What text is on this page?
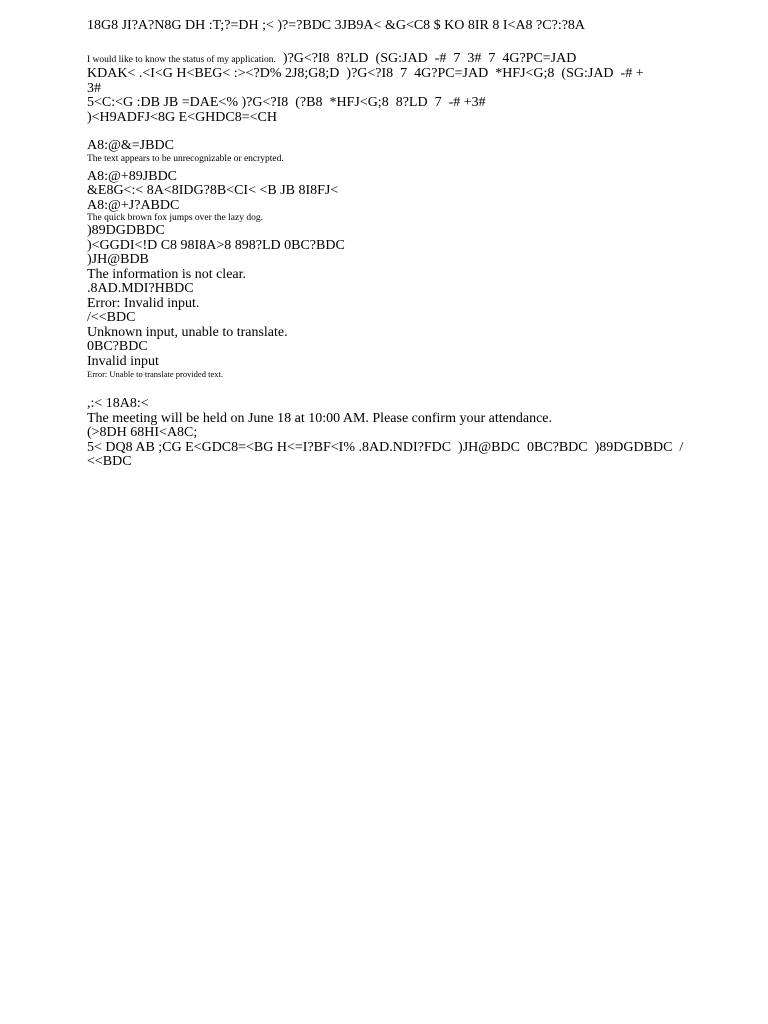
18G8 JI?A?N8G DH :T;?=DH ;< )?=?BDC 3JB9A< &G<C8 $ KO 8IR 8 I<A8 ?C?:?8A
I would like to know the status of my application.  )?G<?I8  8?LD  (SG:JAD  -#  7  3#  7  4G?PC=JAD
KDAK< .<I<G H<BEG< :><?D% 2J8;G8;D  )?G<?I8  7  4G?PC=JAD  *HFJ<G;8  (SG:JAD  -# +
3#
5<C:<G :DB JB =DAE<% )?G<?I8  (?B8  *HFJ<G;8  8?LD  7  -# +3#
)<H9ADFJ<8G E<GHDC8=<CH
A8:@&=JBDC
The text appears to be unrecognizable or encrypted.
A8:@+89JBDC
&E8G<:< 8A<8IDG?8B<CI< <B JB 8I8FJ<
A8:@+J?ABDC
The quick brown fox jumps over the lazy dog.
)89DGDBDC
)<GGDI<!D C8 98I8A>8 898?LD 0BC?BDC
)JH@BDB
The information is not clear.
.8AD.MDI?HBDC
Error: Invalid input.
/<<BDC
Unknown input, unable to translate.
0BC?BDC
Invalid input
Error: Unable to translate provided text.
,:< 18A8:<
The meeting will be held on June 18 at 10:00 AM. Please confirm your attendance.
(>8DH 68HI<A8C;
5< DQ8 AB ;CG E<GDC8=<BG H<=I?BF<I% .8AD.NDI?FDC  )JH@BDC  0BC?BDC  )89DGDBDC  /
<<BDC
